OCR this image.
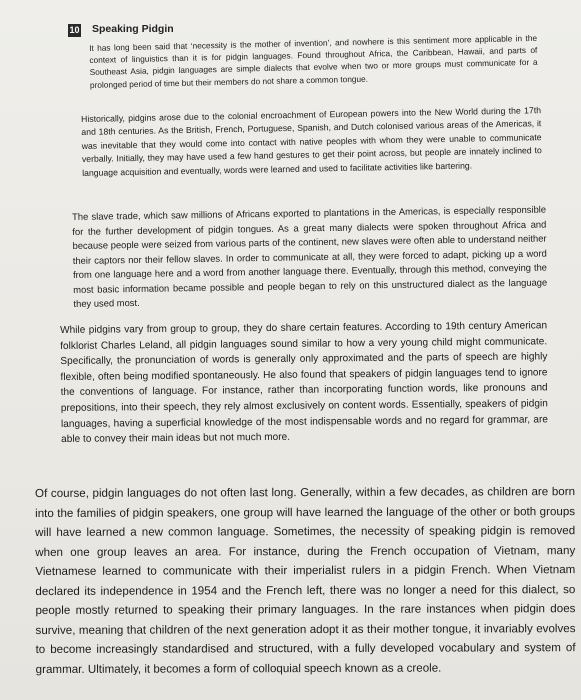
10 Speaking Pidgin

It has long been said that ‘necessity is the mother of invention’, and nowhere is this sentiment more applicable in the context of linguistics than it is for pidgin languages. Found throughout Africa, the Caribbean, Hawaii, and parts of Southeast Asia, pidgin languages are simple dialects that evolve when two or more groups must communicate for a prolonged period of time but their members do not share a common tongue.

Historically, pidgins arose due to the colonial encroachment of European powers into the New World during the 17th and 18th centuries. As the British, French, Portuguese, Spanish, and Dutch colonised various areas of the Americas, it was inevitable that they would come into contact with native peoples with whom they were unable to communicate verbally. Initially, they may have used a few hand gestures to get their point across, but people are innately inclined to language acquisition and eventually, words were learned and used to facilitate activities like bartering.

The slave trade, which saw millions of Africans exported to plantations in the Americas, is especially responsible for the further development of pidgin tongues. As a great many dialects were spoken throughout Africa and because people were seized from various parts of the continent, new slaves were often able to understand neither their captors nor their fellow slaves. In order to communicate at all, they were forced to adapt, picking up a word from one language here and a word from another language there. Eventually, through this method, conveying the most basic information became possible and people began to rely on this unstructured dialect as the language they used most.

While pidgins vary from group to group, they do share certain features. According to 19th century American folklorist Charles Leland, all pidgin languages sound similar to how a very young child might communicate. Specifically, the pronunciation of words is generally only approximated and the parts of speech are highly flexible, often being modified spontaneously. He also found that speakers of pidgin languages tend to ignore the conventions of language. For instance, rather than incorporating function words, like pronouns and prepositions, into their speech, they rely almost exclusively on content words. Essentially, speakers of pidgin languages, having a superficial knowledge of the most indispensable words and no regard for grammar, are able to convey their main ideas but not much more.

Of course, pidgin languages do not often last long. Generally, within a few decades, as children are born into the families of pidgin speakers, one group will have learned the language of the other or both groups will have learned a new common language. Sometimes, the necessity of speaking pidgin is removed when one group leaves an area. For instance, during the French occupation of Vietnam, many Vietnamese learned to communicate with their imperialist rulers in a pidgin French. When Vietnam declared its independence in 1954 and the French left, there was no longer a need for this dialect, so people mostly returned to speaking their primary languages. In the rare instances when pidgin does survive, meaning that children of the next generation adopt it as their mother tongue, it invariably evolves to become increasingly standardised and structured, with a fully developed vocabulary and system of grammar. Ultimately, it becomes a form of colloquial speech known as a creole.
